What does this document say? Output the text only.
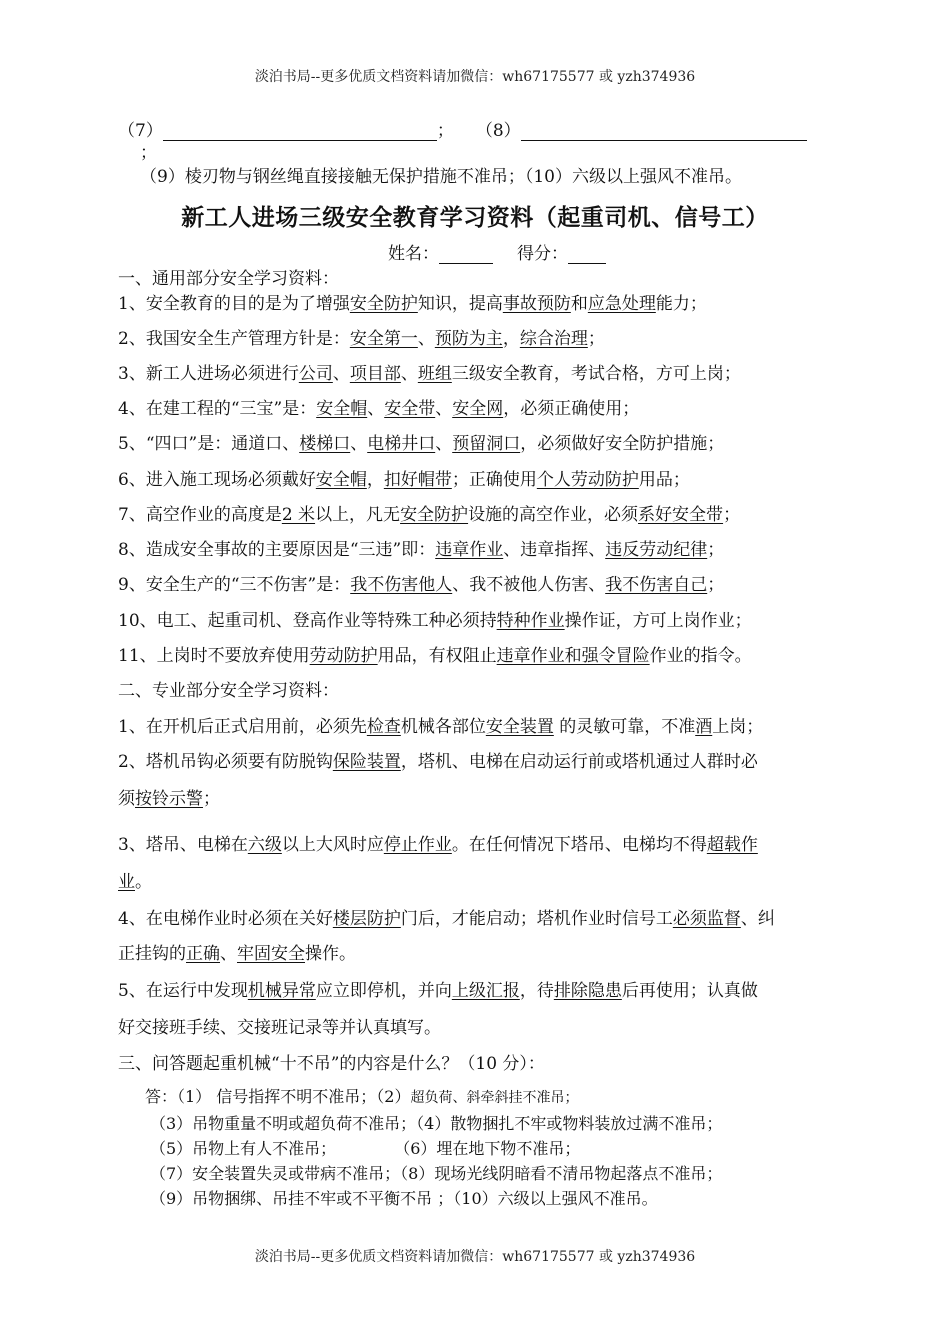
淡泊书局--更多优质文档资料请加微信：wh67175577 或 yzh374936
（7）	； （8）
；
（9）棱刃物与钢丝绳直接接触无保护措施不准吊；（10）六级以上强风不准吊。
新工人进场三级安全教育学习资料（起重司机、信号工）
姓名：	得分：
一、通用部分安全学习资料：
1、安全教育的目的是为了增强安全防护知识，提高事故预防和应急处理能力；
2、我国安全生产管理方针是：安全第一、预防为主，综合治理；
3、新工人进场必须进行公司、项目部、班组三级安全教育，考试合格，方可上岗；
4、在建工程的“三宝”是：安全帽、安全带、安全网，必须正确使用；
5、“四口”是：通道口、楼梯口、电梯井口、预留洞口，必须做好安全防护措施；
6、进入施工现场必须戴好安全帽，扣好帽带；正确使用个人劳动防护用品；
7、高空作业的高度是2 米以上，凡无安全防护设施的高空作业，必须系好安全带；
8、造成安全事故的主要原因是“三违”即：违章作业、违章指挥、违反劳动纪律；
9、安全生产的“三不伤害”是：我不伤害他人、我不被他人伤害、我不伤害自己；
10、电工、起重司机、登高作业等特殊工种必须持特种作业操作证，方可上岗作业；
11、上岗时不要放弃使用劳动防护用品，有权阻止违章作业和强令冒险作业的指令。
二、专业部分安全学习资料：
1、在开机后正式启用前，必须先检查机械各部位安全装置 的灵敏可靠，不准酒上岗；
2、塔机吊钩必须要有防脱钩保险装置，塔机、电梯在启动运行前或塔机通过人群时必
须按铃示警；
3、塔吊、电梯在六级以上大风时应停止作业。在任何情况下塔吊、电梯均不得超载作
业。
4、在电梯作业时必须在关好楼层防护门后，才能启动；塔机作业时信号工必须监督、纠
正挂钩的正确、牢固安全操作。
5、在运行中发现机械异常应立即停机，并向上级汇报，待排除隐患后再使用；认真做
好交接班手续、交接班记录等并认真填写。
三、问答题起重机械“十不吊”的内容是什么？（10 分）：
答：（1） 信号指挥不明不准吊；（2）超负荷、斜牵斜挂不准吊；
（3）吊物重量不明或超负荷不准吊；（4）散物捆扎不牢或物料装放过满不准吊；
（5）吊物上有人不准吊；	（6）埋在地下物不准吊；
（7）安全装置失灵或带病不准吊；（8）现场光线阴暗看不清吊物起落点不准吊；
（9）吊物捆绑、吊挂不牢或不平衡不吊 ；（10）六级以上强风不准吊。
淡泊书局--更多优质文档资料请加微信：wh67175577 或 yzh374936
